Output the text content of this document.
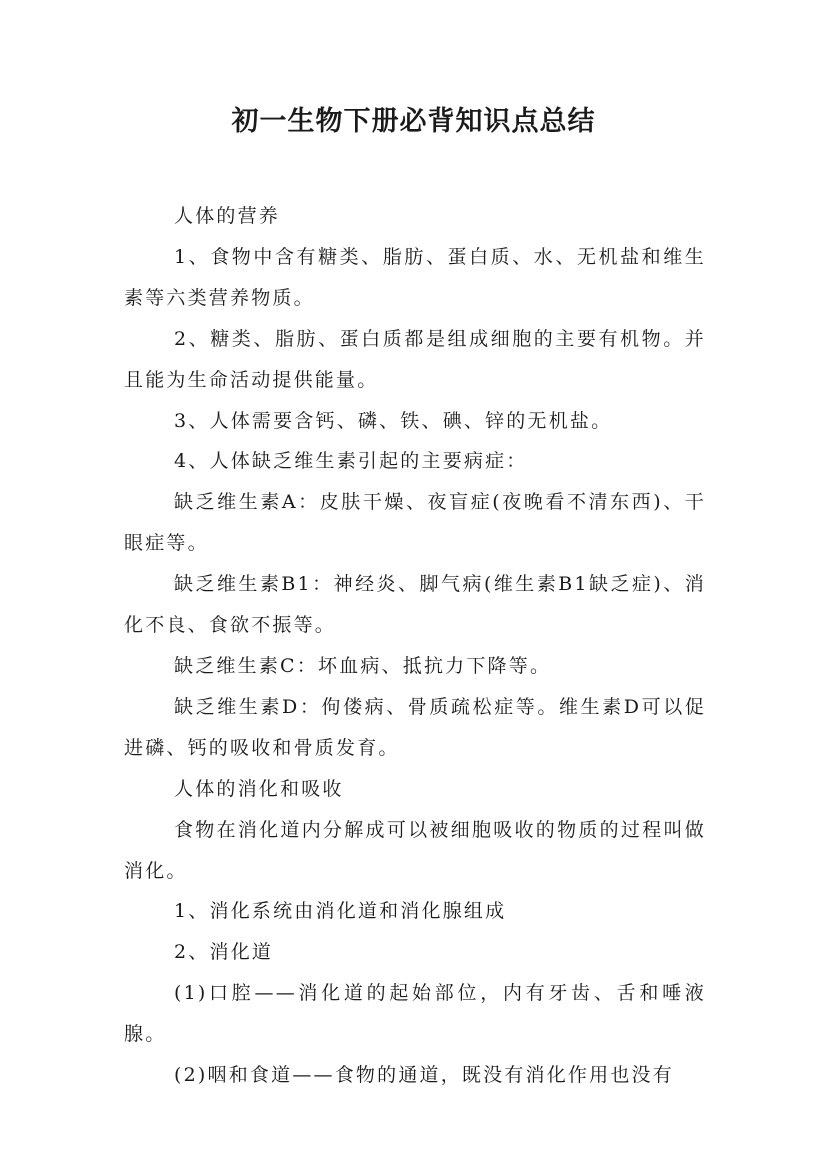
初一生物下册必背知识点总结

人体的营养

1、食物中含有糖类、脂肪、蛋白质、水、无机盐和维生素等六类营养物质。

2、糖类、脂肪、蛋白质都是组成细胞的主要有机物。并且能为生命活动提供能量。

3、人体需要含钙、磷、铁、碘、锌的无机盐。

4、人体缺乏维生素引起的主要病症：

缺乏维生素A：皮肤干燥、夜盲症(夜晚看不清东西)、干眼症等。

缺乏维生素B1：神经炎、脚气病(维生素B1缺乏症)、消化不良、食欲不振等。

缺乏维生素C：坏血病、抵抗力下降等。

缺乏维生素D：佝偻病、骨质疏松症等。维生素D可以促进磷、钙的吸收和骨质发育。

人体的消化和吸收

食物在消化道内分解成可以被细胞吸收的物质的过程叫做消化。

1、消化系统由消化道和消化腺组成

2、消化道

(1)口腔——消化道的起始部位，内有牙齿、舌和唾液腺。

(2)咽和食道——食物的通道，既没有消化作用也没有
